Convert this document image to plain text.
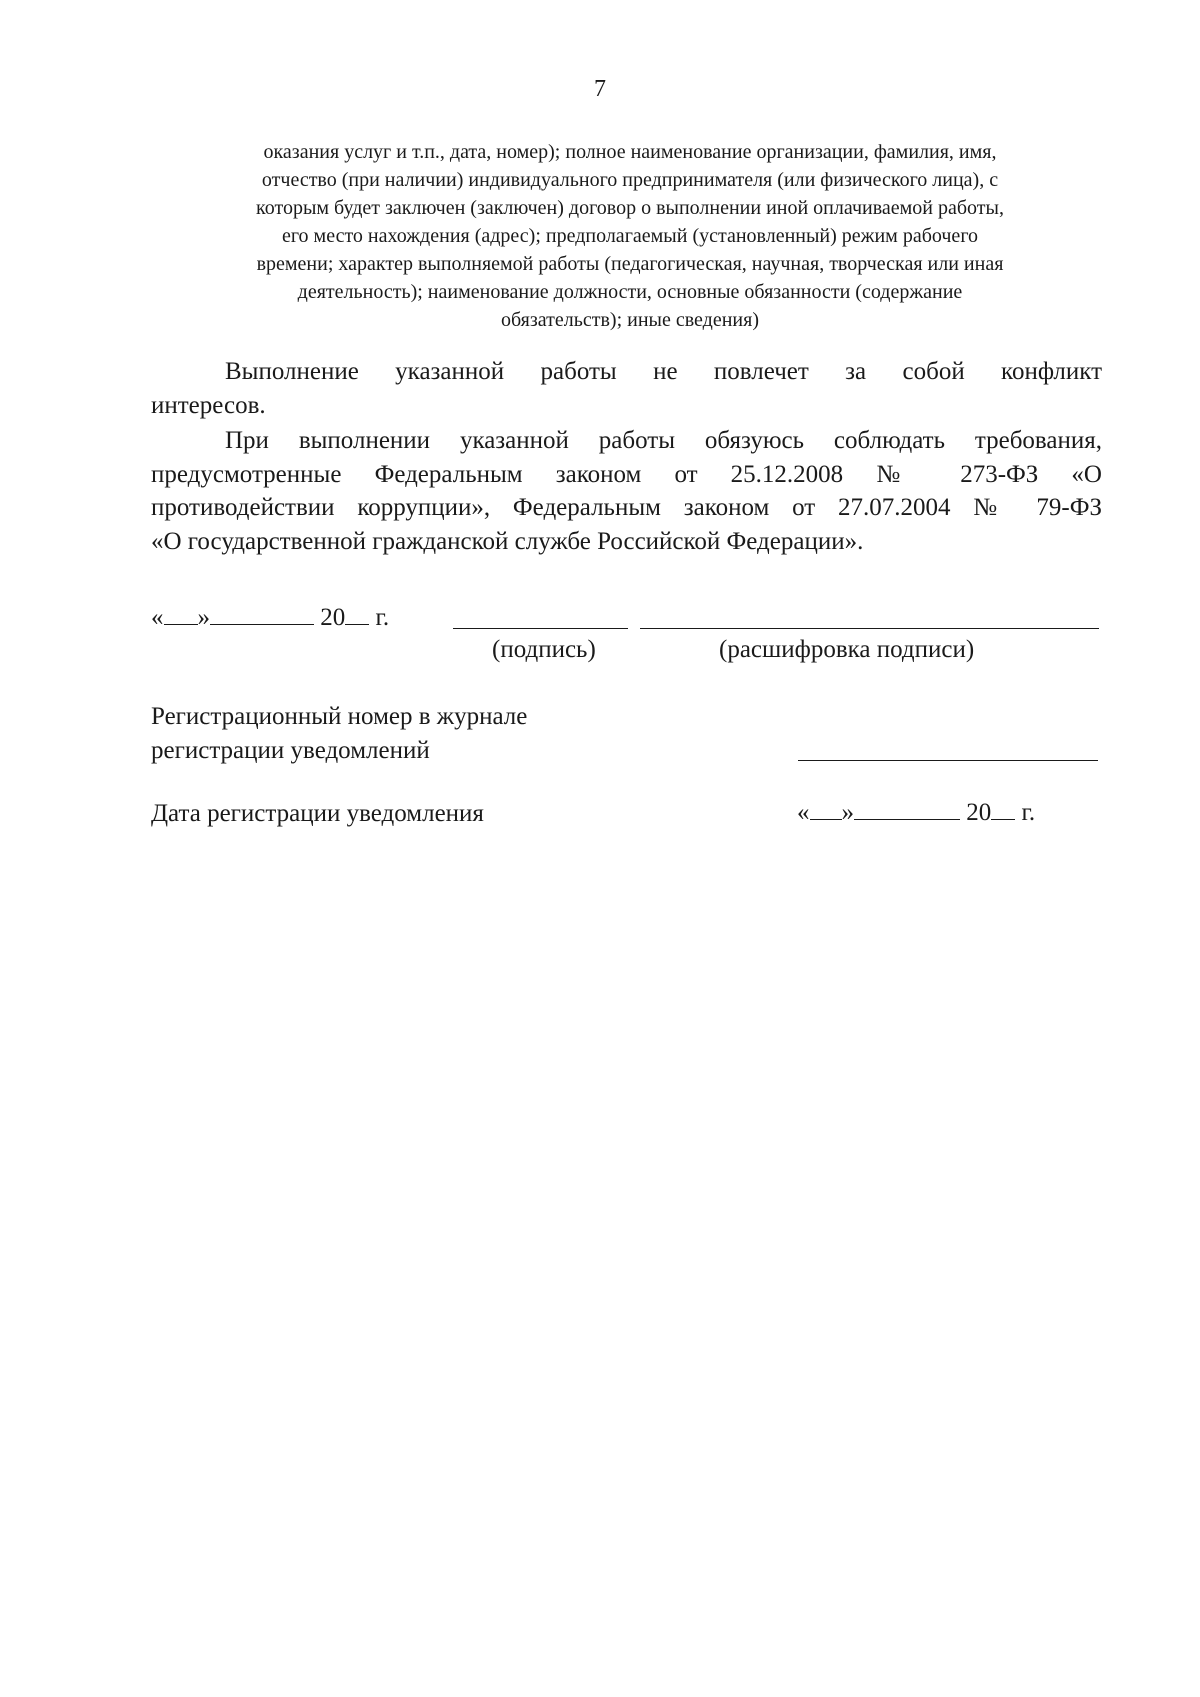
7
оказания услуг и т.п., дата, номер); полное наименование организации, фамилия, имя,
отчество (при наличии) индивидуального предпринимателя (или физического лица), с
которым будет заключен (заключен) договор о выполнении иной оплачиваемой работы,
его место нахождения (адрес); предполагаемый (установленный) режим рабочего
времени; характер выполняемой работы (педагогическая, научная, творческая или иная
деятельность); наименование должности, основные обязанности (содержание
обязательств); иные сведения)
Выполнение указанной работы не повлечет за собой конфликт
интересов.
При выполнении указанной работы обязуюсь соблюдать требования,
предусмотренные Федеральным законом от 25.12.2008 № 273-ФЗ «О
противодействии коррупции», Федеральным законом от 27.07.2004 № 79-ФЗ
«О государственной гражданской службе Российской Федерации».
« »	20 г.
(подпись)	(расшифровка подписи)
Регистрационный номер в журнале
регистрации уведомлений
Дата регистрации уведомления	« »	20 г.
